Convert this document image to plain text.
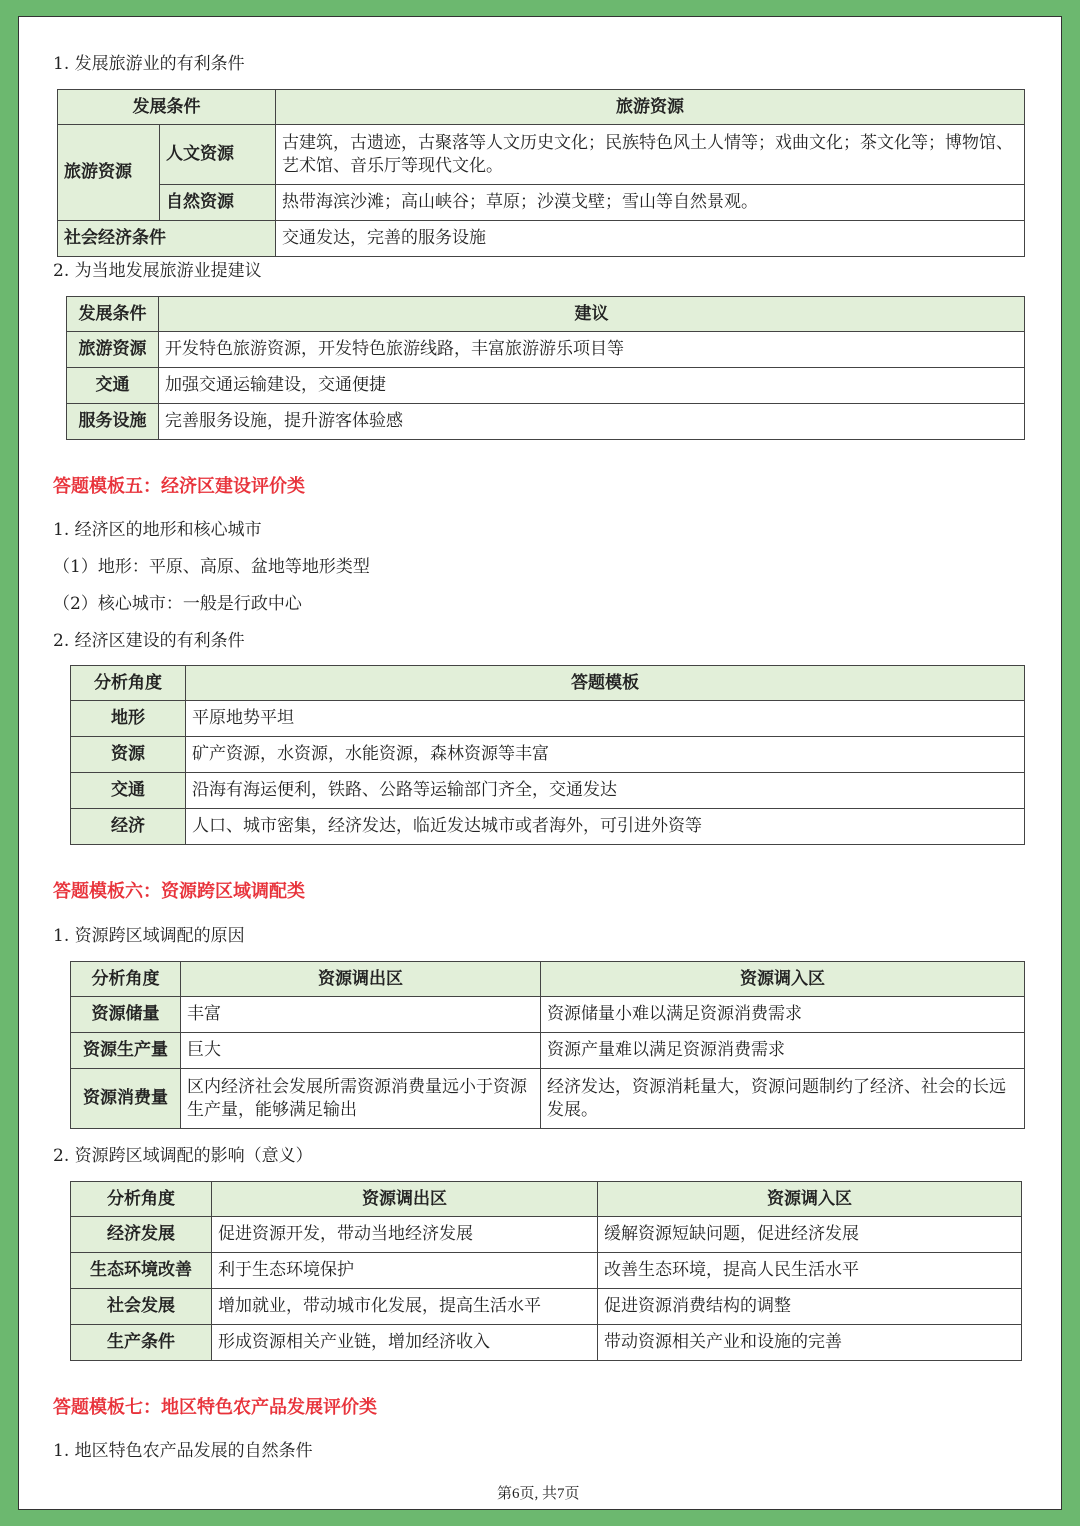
1. 发展旅游业的有利条件
发展条件		旅游资源
旅游资源	人文资源	古建筑，古遗迹，古聚落等人文历史文化；民族特色风土人情等；戏曲文化；茶文化等；博物馆、艺术馆、音乐厅等现代文化。
	自然资源	热带海滨沙滩；高山峡谷；草原；沙漠戈壁；雪山等自然景观。
社会经济条件		交通发达，完善的服务设施
2. 为当地发展旅游业提建议
发展条件	建议
旅游资源	开发特色旅游资源，开发特色旅游线路，丰富旅游游乐项目等
交通	加强交通运输建设，交通便捷
服务设施	完善服务设施，提升游客体验感
答题模板五：经济区建设评价类
1. 经济区的地形和核心城市
（1）地形：平原、高原、盆地等地形类型
（2）核心城市：一般是行政中心
2. 经济区建设的有利条件
分析角度	答题模板
地形	平原地势平坦
资源	矿产资源，水资源，水能资源，森林资源等丰富
交通	沿海有海运便利，铁路、公路等运输部门齐全，交通发达
经济	人口、城市密集，经济发达，临近发达城市或者海外，可引进外资等
答题模板六：资源跨区域调配类
1. 资源跨区域调配的原因
分析角度	资源调出区	资源调入区
资源储量	丰富	资源储量小难以满足资源消费需求
资源生产量	巨大	资源产量难以满足资源消费需求
资源消费量	区内经济社会发展所需资源消费量远小于资源生产量，能够满足输出	经济发达，资源消耗量大，资源问题制约了经济、社会的长远发展。
2. 资源跨区域调配的影响（意义）
分析角度	资源调出区	资源调入区
经济发展	促进资源开发，带动当地经济发展	缓解资源短缺问题，促进经济发展
生态环境改善	利于生态环境保护	改善生态环境，提高人民生活水平
社会发展	增加就业，带动城市化发展，提高生活水平	促进资源消费结构的调整
生产条件	形成资源相关产业链，增加经济收入	带动资源相关产业和设施的完善
答题模板七：地区特色农产品发展评价类
1. 地区特色农产品发展的自然条件
第6页, 共7页
